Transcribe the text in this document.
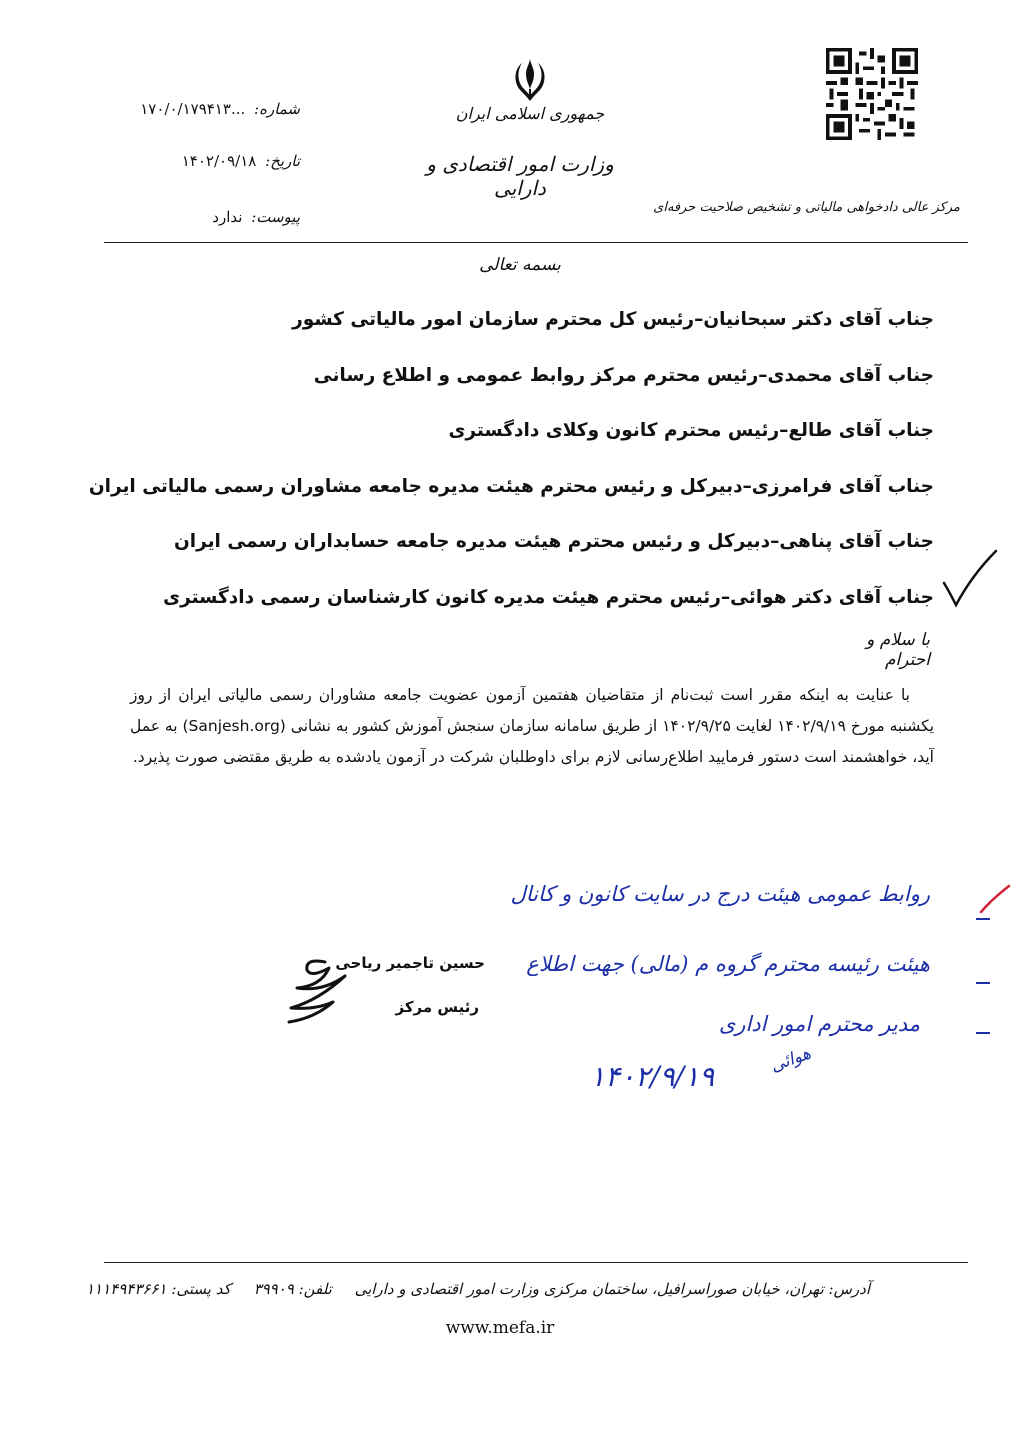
شماره: ...۱۷۰/۰/۱۷۹۴۱۳
تاریخ: ۱۴۰۲/۰۹/۱۸
پیوست: ندارد
جمهوری اسلامی ایران
وزارت امور اقتصادی و دارایی
مرکز عالی دادخواهی مالیاتی و تشخیص صلاحیت حرفه‌ای
بسمه تعالی
جناب آقای دکتر سبحانیان–رئیس کل محترم سازمان امور مالیاتی کشور
جناب آقای محمدی–رئیس محترم مرکز روابط عمومی و اطلاع رسانی
جناب آقای طالع–رئیس محترم کانون وکلای دادگستری
جناب آقای فرامرزی–دبیرکل و رئیس محترم هیئت مدیره جامعه مشاوران رسمی مالیاتی ایران
جناب آقای پناهی–دبیرکل و رئیس محترم هیئت مدیره جامعه حسابداران رسمی ایران
جناب آقای دکتر هوائی–رئیس محترم هیئت مدیره کانون کارشناسان رسمی دادگستری
با سلام و احترام

با عنایت به اینکه مقرر است ثبت‌نام از متقاضیان هفتمین آزمون عضویت جامعه مشاوران رسمی مالیاتی ایران از روز یکشنبه مورخ ۱۴۰۲/۹/۱۹ لغایت ۱۴۰۲/۹/۲۵ از طریق سامانه سازمان سنجش آموزش کشور به نشانی (Sanjesh.org) به عمل آید، خواهشمند است دستور فرمایید اطلاع‌رسانی لازم برای داوطلبان شرکت در آزمون یادشده به طریق مقتضی صورت پذیرد.

روابط عمومی هیئت درج در سایت کانون و کانال
هیئت رئیسه محترم گروه م (مالی) جهت اطلاع
مدیر محترم امور اداری
هوائی
۱۴۰۲/۹/۱۹
حسین تاجمیر ریاحی
رئیس مرکز
آدرس: تهران، خیابان صوراسرافیل، ساختمان مرکزی وزارت امور اقتصادی و دارایی تلفن: ۳۹۹۰۹ کد پستی: ۱۱۱۴۹۴۳۶۶۱
www.mefa.ir
